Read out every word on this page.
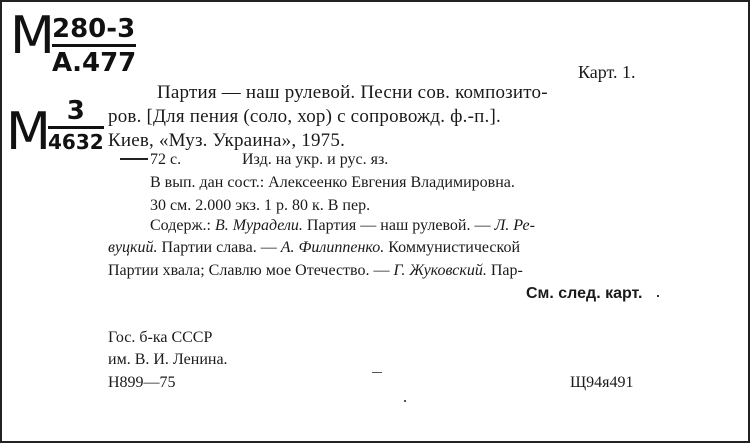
М 280-3
А.477
М 3
4632
Карт. 1.
Партия — наш рулевой. Песни сов. композито-
ров. [Для пения (соло, хор) с сопровожд. ф.-п.].
Киев, «Муз. Украина», 1975.
72 с.	Изд. на укр. и рус. яз.
В вып. дан сост.: Алексеенко Евгения Владимировна.
30 см. 2.000 экз. 1 р. 80 к. В пер.
Содерж.: В. Мурадели. Партия — наш рулевой. — Л. Ре-
вуцкий. Партии слава. — А. Филиппенко. Коммунистической
Партии хвала; Славлю мое Отечество. — Г. Жуковский. Пар-
См. след. карт.
Гос. б-ка СССР
им. В. И. Ленина.
Н899—75	Щ94я491
